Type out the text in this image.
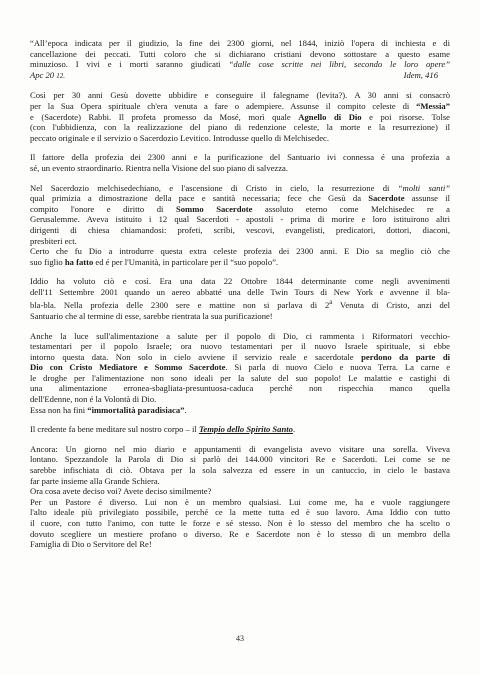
“All’epoca indicata per il giudizio, la fine dei 2300 giorni, nel 1844, iniziò l'opera di inchiesta e di
cancellazione dei peccati. Tutti coloro che si dichiarano cristiani devono sottostare a questo esame
minuzioso. I vivi e i morti saranno giudicati “dalle cose scritte nei libri, secondo le loro opere”
Apc 20 12.	Idem, 416
Così per 30 anni Gesù dovette ubbidire e conseguire il falegname (levita?). A 30 anni si consacrò
per la Sua Opera spirituale ch'era venuta a fare o adempiere. Assunse il compito celeste di “Messia”
e (Sacerdote) Rabbi. Il profeta promesso da Mosé, morì quale Agnello di Dio e poi risorse. Tolse
(con l'ubbidienza, con la realizzazione del piano di redenzione celeste, la morte e la resurrezione) il
peccato originale e il servizio o Sacerdozio Levitico. Introdusse quello di Melchisedec.
Il fattore della profezia dei 2300 anni e la purificazione del Santuario ivi connessa é una profezia a
sé, un evento straordinario. Rientra nella Visione del suo piano di salvezza.
Nel Sacerdozio melchisedechiano, e l'ascensione di Cristo in cielo, la resurrezione di “molti santi”
qual primizia a dimostrazione della pace e santità necessaria; fece che Gesù da Sacerdote assunse il
compito l'onore e diritto di Sommo Sacerdote assoluto eterno come Melchisedec re a
Gerusalemme. Aveva istituito i 12 qual Sacerdoti - apostoli - prima di morire e loro istituirono altri
dirigenti di chiesa chiamandosi: profeti, scribi, vescovi, evangelisti, predicatori, dottori, diaconi,
presbiteri ect.
Certo che fu Dio a introdurre questa extra celeste profezia dei 2300 anni. E Dio sa meglio ciò che
suo figlio ha fatto ed é per l'Umanità, in particolare per il “suo popolo”.
Iddio ha voluto ciò e così. Era una data 22 Ottobre 1844 determinante come negli avvenimenti
dell'11 Settembre 2001 quando un aereo abbatté una delle Twin Tours di New York e avvenne il bla-
bla-bla. Nella profezia delle 2300 sere e mattine non si parlava di 2$^a$ Venuta di Cristo, anzi del
Santuario che al termine di esse, sarebbe rientrata la sua purificazione!
Anche la luce sull'alimentazione a salute per il popolo di Dio, ci rammenta i Riformatori vecchio-
testamentari per il popolo Israele; ora nuovo testamentari per il nuovo Israele spirituale, si ebbe
intorno questa data. Non solo in cielo avviene il servizio reale e sacerdotale perdono da parte di
Dio con Cristo Mediatore e Sommo Sacerdote. Si parla di nuovo Cielo e nuova Terra. La carne e
le droghe per l'alimentazione non sono ideali per la salute del suo popolo! Le malattie e castighi di
una alimentazione erronea-sbagliata-presuntuosa-caduca perché non rispecchia manco quella
dell'Edenne, non é la Volontà di Dio.
Essa non ha fini “immortalità paradisiaca”.
Il credente fa bene meditare sul nostro corpo – il Tempio dello Spirito Santo.
Ancora: Un giorno nel mio diario e appuntamenti di evangelista avevo visitare una sorella. Viveva
lontano. Spezzandole la Parola di Dio si parlò dei 144.000 vincitori Re e Sacerdoti. Lei come se ne
sarebbe infischiata di ciò. Obtava per la sola salvezza ed essere in un cantuccio, in cielo le bastava
far parte insieme alla Grande Schiera.
Ora cosa avete deciso voi? Avete deciso similmente?
Per un Pastore é diverso. Lui non è un membro qualsiasi. Lui come me, ha e vuole raggiungere
l'alto ideale più privilegiato possibile, perché ce la mette tutta ed è suo lavoro. Ama Iddio con tutto
il cuore, con tutto l'animo, con tutte le forze e sé stesso. Non è lo stesso del membro che ha scelto o
dovuto scegliere un mestiere profano o diverso. Re e Sacerdote non è lo stesso di un membro della
Famiglia di Dio o Servitore del Re!
43
